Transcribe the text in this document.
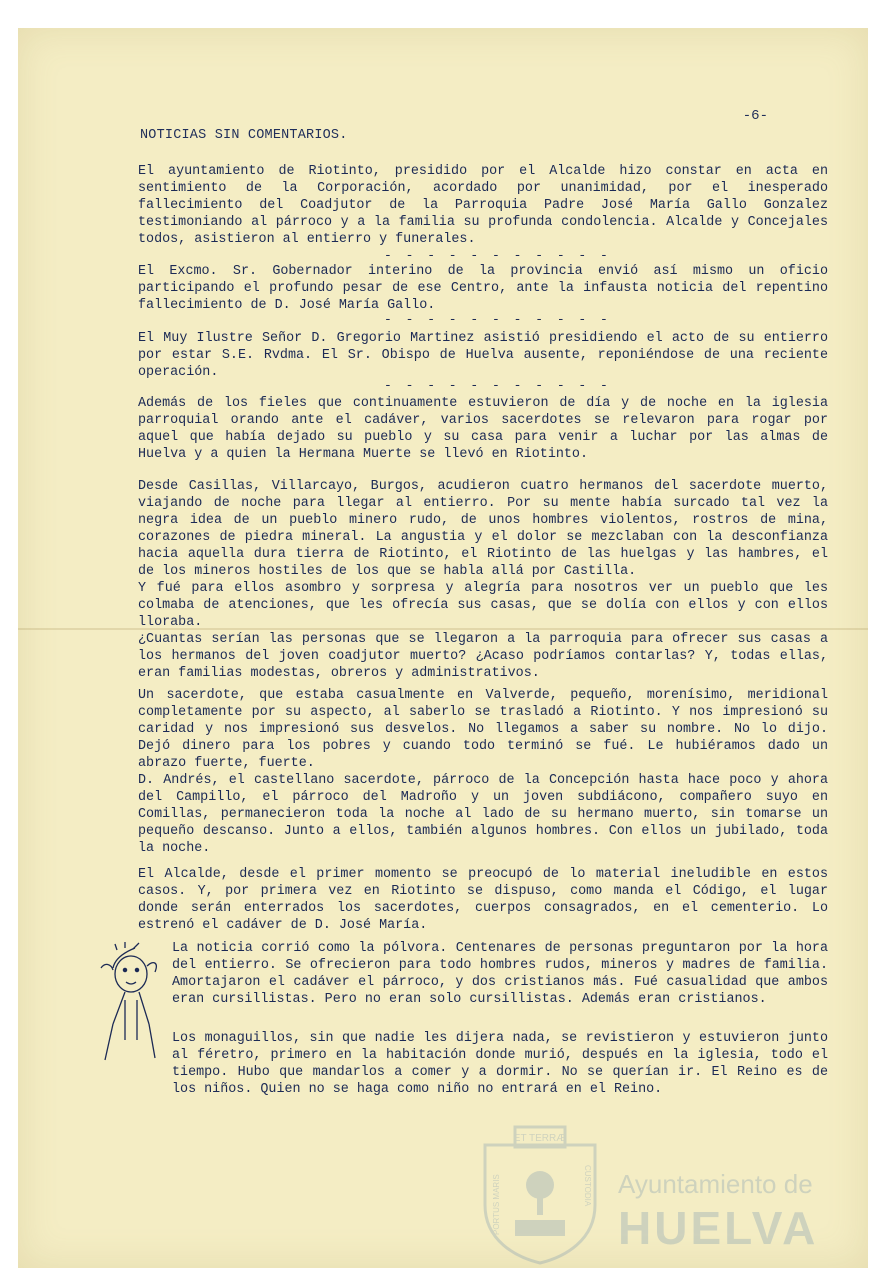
-6-
NOTICIAS SIN COMENTARIOS.
El ayuntamiento de Riotinto, presidido por el Alcalde hizo constar en acta en sentimiento de la Corporación, acordado por unanimidad, por el inesperado fallecimiento del Coadjutor de la Parroquia Padre José María Gallo Gonzalez testimoniando al párroco y a la familia su profunda condolencia. Alcalde y Concejales todos, asistieron al entierro y funerales.
- - - - - - - - - - -
El Excmo. Sr. Gobernador interino de la provincia envió así mismo un oficio participando el profundo pesar de ese Centro, ante la infausta noticia del repentino fallecimiento de D. José María Gallo.
- - - - - - - - - - -
El Muy Ilustre Señor D. Gregorio Martinez asistió presidiendo el acto de su entierro por estar S.E. Rvdma. El Sr. Obispo de Huelva ausente, reponiéndose de una reciente operación.
- - - - - - - - - - -
Además de los fieles que continuamente estuvieron de día y de noche en la iglesia parroquial orando ante el cadáver, varios sacerdotes se relevaron para rogar por aquel que había dejado su pueblo y su casa para venir a luchar por las almas de Huelva y a quien la Hermana Muerte se llevó en Riotinto.
Desde Casillas, Villarcayo, Burgos, acudieron cuatro hermanos del sacerdote muerto, viajando de noche para llegar al entierro. Por su mente había surcado tal vez la negra idea de un pueblo minero rudo, de unos hombres violentos, rostros de mina, corazones de piedra mineral. La angustia y el dolor se mezclaban con la desconfianza hacia aquella dura tierra de Riotinto, el Riotinto de las huelgas y las hambres, el de los mineros hostiles de los que se habla allá por Castilla.
Y fué para ellos asombro y sorpresa y alegría para nosotros ver un pueblo que les colmaba de atenciones, que les ofrecía sus casas, que se dolía con ellos y con ellos lloraba.
¿Cuantas serían las personas que se llegaron a la parroquia para ofrecer sus casas a los hermanos del joven coadjutor muerto? ¿Acaso podríamos contarlas? Y, todas ellas, eran familias modestas, obreros y administrativos.
Un sacerdote, que estaba casualmente en Valverde, pequeño, morenísimo, meridional completamente por su aspecto, al saberlo se trasladó a Riotinto. Y nos impresionó su caridad y nos impresionó sus desvelos. No llegamos a saber su nombre. No lo dijo. Dejó dinero para los pobres y cuando todo terminó se fué. Le hubiéramos dado un abrazo fuerte, fuerte.
D. Andrés, el castellano sacerdote, párroco de la Concepción hasta hace poco y ahora del Campillo, el párroco del Madroño y un joven subdiácono, compañero suyo en Comillas, permanecieron toda la noche al lado de su hermano muerto, sin tomarse un pequeño descanso. Junto a ellos, también algunos hombres. Con ellos un jubilado, toda la noche.
El Alcalde, desde el primer momento se preocupó de lo material ineludible en estos casos. Y, por primera vez en Riotinto se dispuso, como manda el Código, el lugar donde serán enterrados los sacerdotes, cuerpos consagrados, en el cementerio. Lo estrenó el cadáver de D. José María.
La noticia corrió como la pólvora. Centenares de personas preguntaron por la hora del entierro. Se ofrecieron para todo hombres rudos, mineros y madres de familia. Amortajaron el cadáver el párroco, y dos cristianos más. Fué casualidad que ambos eran cursillistas. Pero no eran solo cursillistas. Además eran cristianos.
Los monaguillos, sin que nadie les dijera nada, se revistieron y estuvieron junto al féretro, primero en la habitación donde murió, después en la iglesia, todo el tiempo. Hubo que mandarlos a comer y a dormir. No se querían ir. El Reino es de los niños. Quien no se haga como niño no entrará en el Reino.
ET TERRÆ
PORTUS MARIS	CUSTODIA Ayuntamiento de
HUELVA
